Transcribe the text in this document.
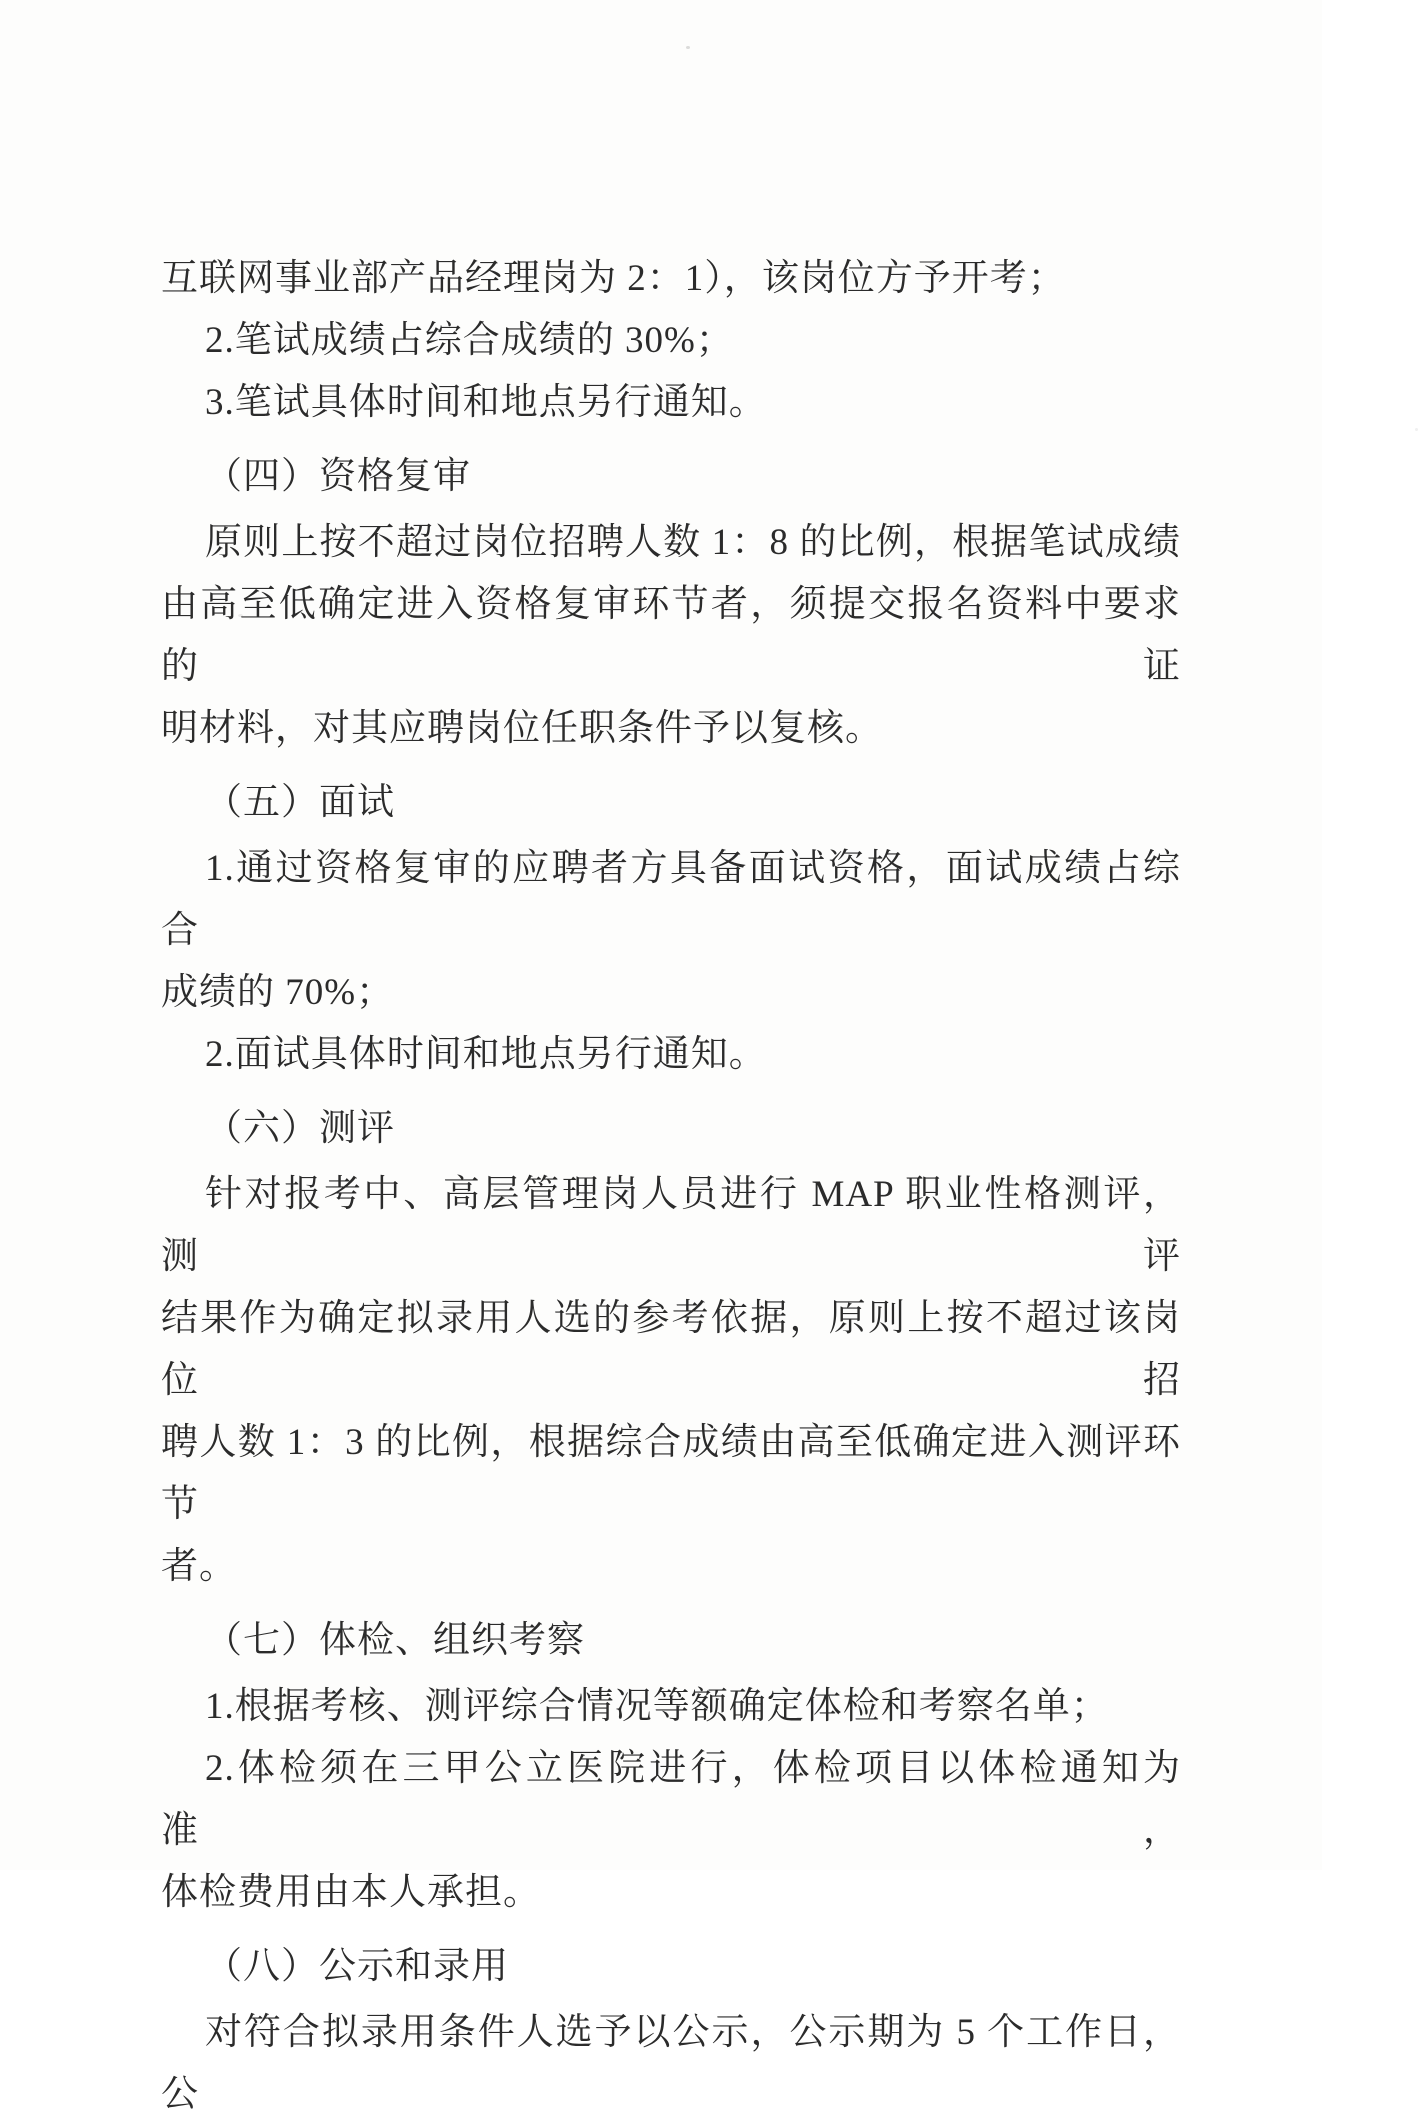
互联网事业部产品经理岗为 2：1），该岗位方予开考；
2.笔试成绩占综合成绩的 30%；
3.笔试具体时间和地点另行通知。
（四）资格复审
原则上按不超过岗位招聘人数 1：8 的比例，根据笔试成绩
由高至低确定进入资格复审环节者，须提交报名资料中要求的证
明材料，对其应聘岗位任职条件予以复核。
（五）面试
1.通过资格复审的应聘者方具备面试资格，面试成绩占综合
成绩的 70%；
2.面试具体时间和地点另行通知。
（六）测评
针对报考中、高层管理岗人员进行 MAP 职业性格测评，测评
结果作为确定拟录用人选的参考依据，原则上按不超过该岗位招
聘人数 1：3 的比例，根据综合成绩由高至低确定进入测评环节
者。
（七）体检、组织考察
1.根据考核、测评综合情况等额确定体检和考察名单；
2.体检须在三甲公立医院进行，体检项目以体检通知为准，
体检费用由本人承担。
（八）公示和录用
对符合拟录用条件人选予以公示，公示期为 5 个工作日，公
